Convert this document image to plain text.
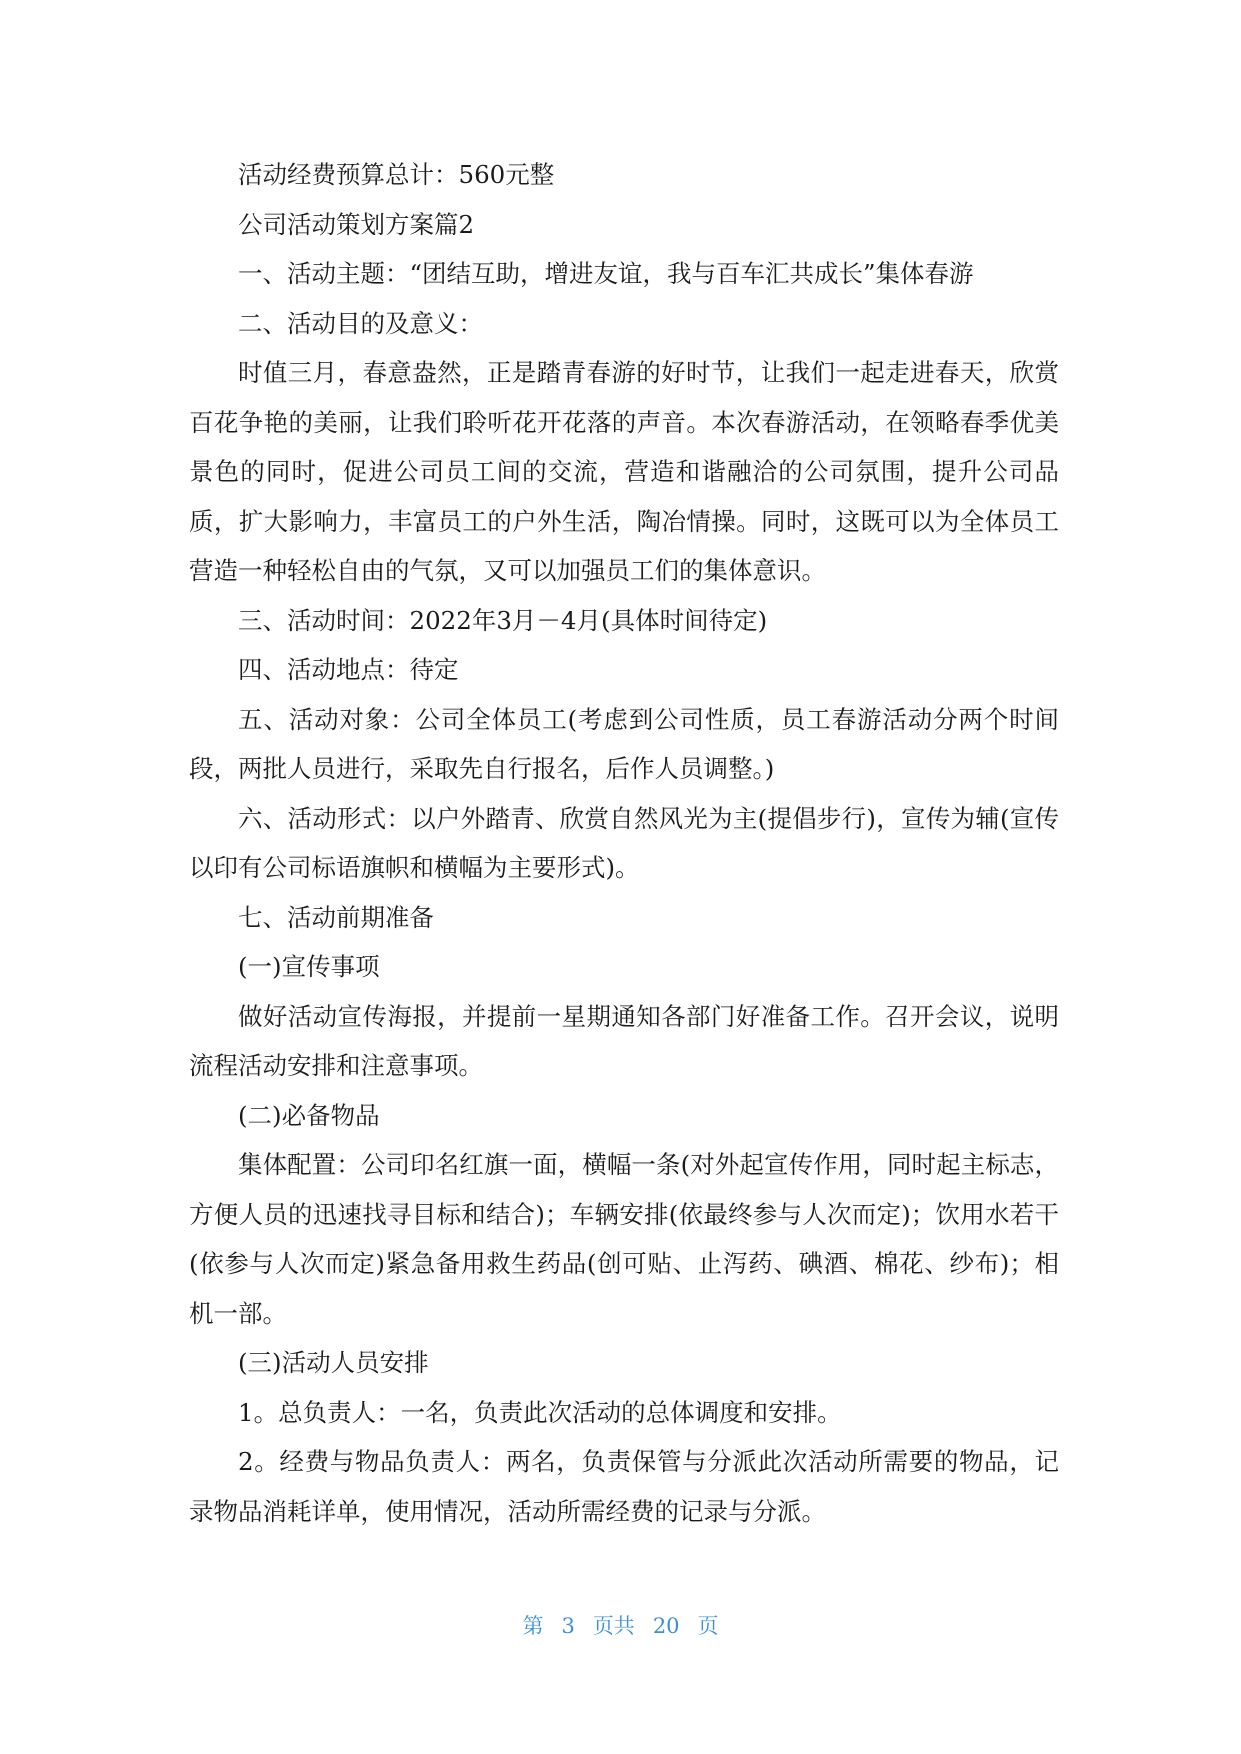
活动经费预算总计：560元整

公司活动策划方案篇2

一、活动主题：“团结互助，增进友谊，我与百车汇共成长”集体春游

二、活动目的及意义：

时值三月，春意盎然，正是踏青春游的好时节，让我们一起走进春天，欣赏百花争艳的美丽，让我们聆听花开花落的声音。本次春游活动，在领略春季优美景色的同时，促进公司员工间的交流，营造和谐融洽的公司氛围，提升公司品质，扩大影响力，丰富员工的户外生活，陶冶情操。同时，这既可以为全体员工营造一种轻松自由的气氛，又可以加强员工们的集体意识。

三、活动时间：2022年3月－4月(具体时间待定)

四、活动地点：待定

五、活动对象：公司全体员工(考虑到公司性质，员工春游活动分两个时间段，两批人员进行，采取先自行报名，后作人员调整。)

六、活动形式：以户外踏青、欣赏自然风光为主(提倡步行)，宣传为辅(宣传以印有公司标语旗帜和横幅为主要形式)。

七、活动前期准备

(一)宣传事项

做好活动宣传海报，并提前一星期通知各部门好准备工作。召开会议，说明流程活动安排和注意事项。

(二)必备物品

集体配置：公司印名红旗一面，横幅一条(对外起宣传作用，同时起主标志，方便人员的迅速找寻目标和结合)；车辆安排(依最终参与人次而定)；饮用水若干(依参与人次而定)紧急备用救生药品(创可贴、止泻药、碘酒、棉花、纱布)；相机一部。

(三)活动人员安排

1。总负责人：一名，负责此次活动的总体调度和安排。

2。经费与物品负责人：两名，负责保管与分派此次活动所需要的物品，记录物品消耗详单，使用情况，活动所需经费的记录与分派。

第 3 页共 20 页
